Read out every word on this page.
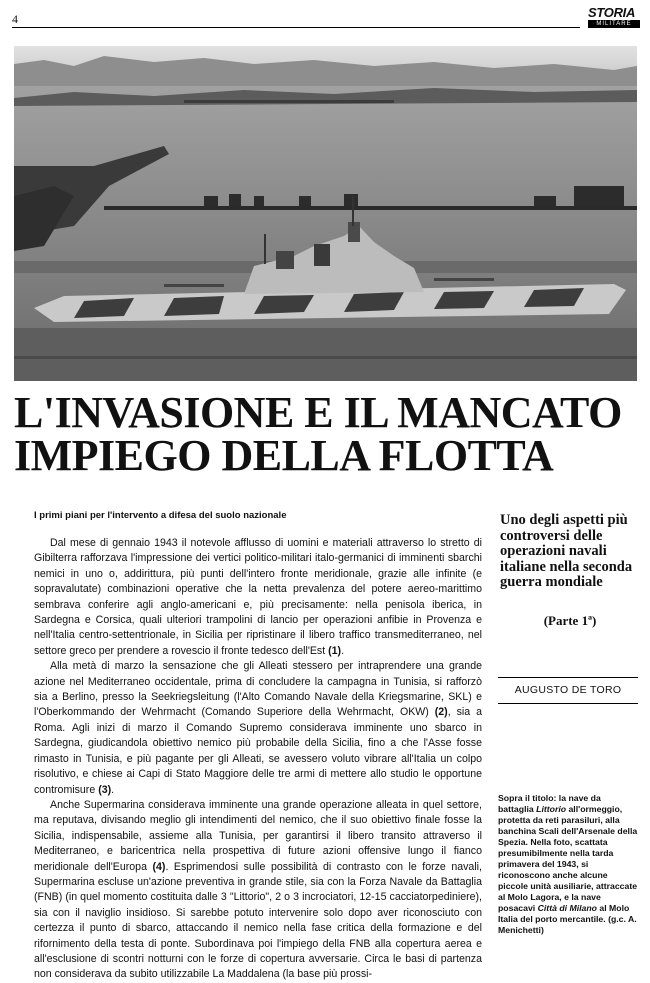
4	STORIA
MILITARE
L'INVASIONE E IL MANCATO
IMPIEGO DELLA FLOTTA

I primi piani per l'intervento a difesa del suolo nazionale

Dal mese di gennaio 1943 il notevole afflusso di uomini e materiali attraverso lo stretto di Gibilterra rafforzava l'impressione dei vertici politico-militari italo-germanici di imminenti sbarchi nemici in uno o, addirittura, più punti dell'intero fronte meridionale, grazie alle infinite (e sopravalutate) combinazioni operative che la netta prevalenza del potere aereo-marittimo sembrava conferire agli anglo-americani e, più precisamente: nella penisola iberica, in Sardegna e Corsica, quali ulteriori trampolini di lancio per operazioni anfibie in Provenza e nell'Italia centro-settentrionale, in Sicilia per ripristinare il libero traffico transmediterraneo, nel settore greco per prendere a rovescio il fronte tedesco dell'Est (1).

Alla metà di marzo la sensazione che gli Alleati stessero per intraprendere una grande azione nel Mediterraneo occidentale, prima di concludere la campagna in Tunisia, si rafforzò sia a Berlino, presso la Seekriegsleitung (l'Alto Comando Navale della Kriegsmarine, SKL) e l'Oberkommando der Wehrmacht (Comando Superiore della Wehrmacht, OKW) (2), sia a Roma. Agli inizi di marzo il Comando Supremo considerava imminente uno sbarco in Sardegna, giudicandola obiettivo nemico più probabile della Sicilia, fino a che l'Asse fosse rimasto in Tunisia, e più pagante per gli Alleati, se avessero voluto vibrare all'Italia un colpo risolutivo, e chiese ai Capi di Stato Maggiore delle tre armi di mettere allo studio le opportune contromisure (3).

Anche Supermarina considerava imminente una grande operazione alleata in quel settore, ma reputava, divisando meglio gli intendimenti del nemico, che il suo obiettivo finale fosse la Sicilia, indispensabile, assieme alla Tunisia, per garantirsi il libero transito attraverso il Mediterraneo, e baricentrica nella prospettiva di future azioni offensive lungo il fianco meridionale dell'Europa (4). Esprimendosi sulle possibilità di contrasto con le forze navali, Supermarina escluse un'azione preventiva in grande stile, sia con la Forza Navale da Battaglia (FNB) (in quel momento costituita dalle 3 "Littorio", 2 o 3 incrociatori, 12-15 cacciatorpediniere), sia con il naviglio insidioso. Si sarebbe potuto intervenire solo dopo aver riconosciuto con certezza il punto di sbarco, attaccando il nemico nella fase critica della formazione e del rifornimento della testa di ponte. Subordinava poi l'impiego della FNB alla copertura aerea e all'esclusione di scontri notturni con le forze di copertura avversarie. Circa le basi di partenza non considerava da subito utilizzabile La Maddalena (la base più prossi-

Uno degli aspetti più controversi delle operazioni navali italiane nella seconda guerra mondiale

(Parte 1ª)
AUGUSTO DE TORO

Sopra il titolo: la nave da battaglia Littorio all'ormeggio, protetta da reti parasiluri, alla banchina Scali dell'Arsenale della Spezia. Nella foto, scattata presumibilmente nella tarda primavera del 1943, si riconoscono anche alcune piccole unità ausiliarie, attraccate al Molo Lagora, e la nave posacavi Città di Milano al Molo Italia del porto mercantile. (g.c. A. Menichetti)
